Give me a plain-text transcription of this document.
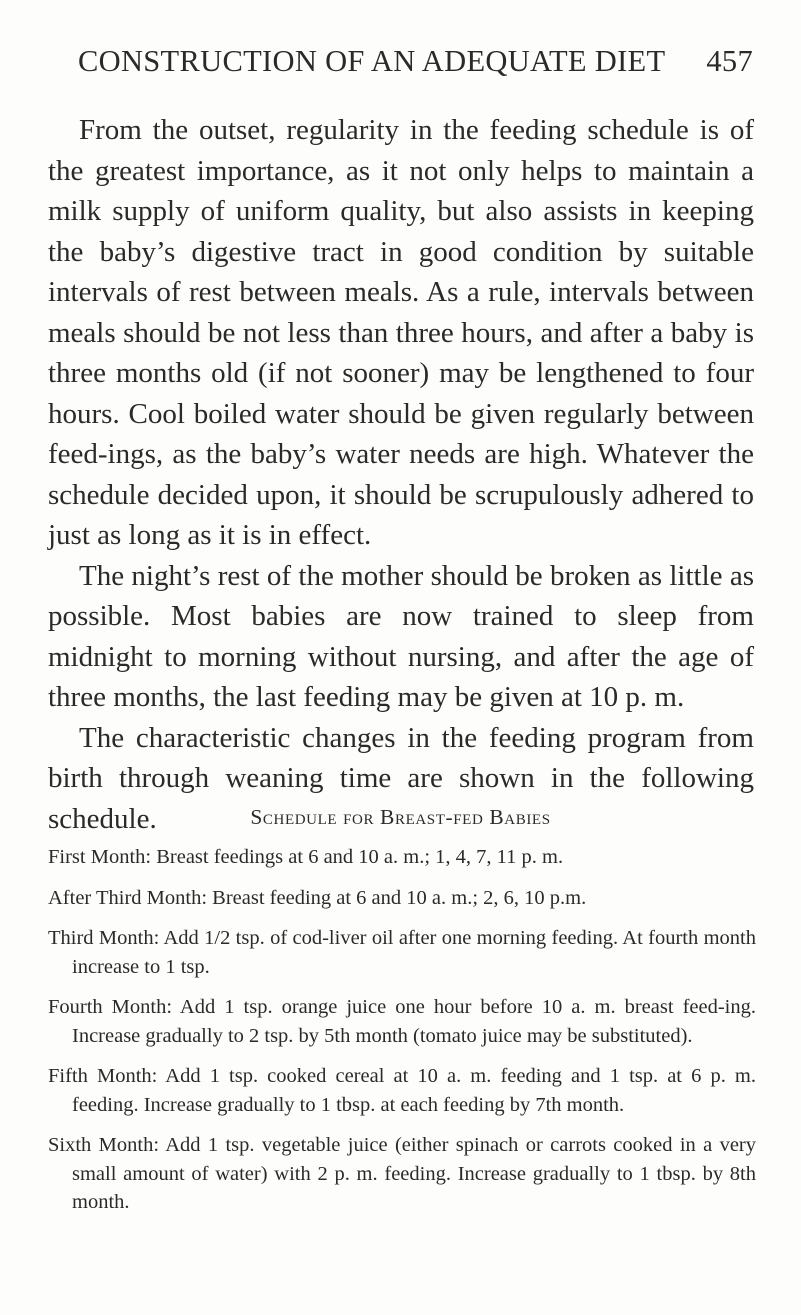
CONSTRUCTION OF AN ADEQUATE DIET 457

From the outset, regularity in the feeding schedule is of the greatest importance, as it not only helps to maintain a milk supply of uniform quality, but also assists in keeping the baby’s digestive tract in good condition by suitable intervals of rest between meals. As a rule, intervals between meals should be not less than three hours, and after a baby is three months old (if not sooner) may be lengthened to four hours. Cool boiled water should be given regularly between feed-ings, as the baby’s water needs are high. Whatever the schedule decided upon, it should be scrupulously adhered to just as long as it is in effect.

The night’s rest of the mother should be broken as little as possible. Most babies are now trained to sleep from midnight to morning without nursing, and after the age of three months, the last feeding may be given at 10 p. m.

The characteristic changes in the feeding program from birth through weaning time are shown in the following schedule.	Schedule for Breast-fed Babies

First Month: Breast feedings at 6 and 10 a. m.; 1, 4, 7, 11 p. m.

After Third Month: Breast feeding at 6 and 10 a. m.; 2, 6, 10 p.m.

Third Month: Add 1/2 tsp. of cod-liver oil after one morning feeding. At fourth month increase to 1 tsp.

Fourth Month: Add 1 tsp. orange juice one hour before 10 a. m. breast feed-ing. Increase gradually to 2 tsp. by 5th month (tomato juice may be substituted).

Fifth Month: Add 1 tsp. cooked cereal at 10 a. m. feeding and 1 tsp. at 6 p. m. feeding. Increase gradually to 1 tbsp. at each feeding by 7th month.

Sixth Month: Add 1 tsp. vegetable juice (either spinach or carrots cooked in a very small amount of water) with 2 p. m. feeding. Increase gradually to 1 tbsp. by 8th month.
